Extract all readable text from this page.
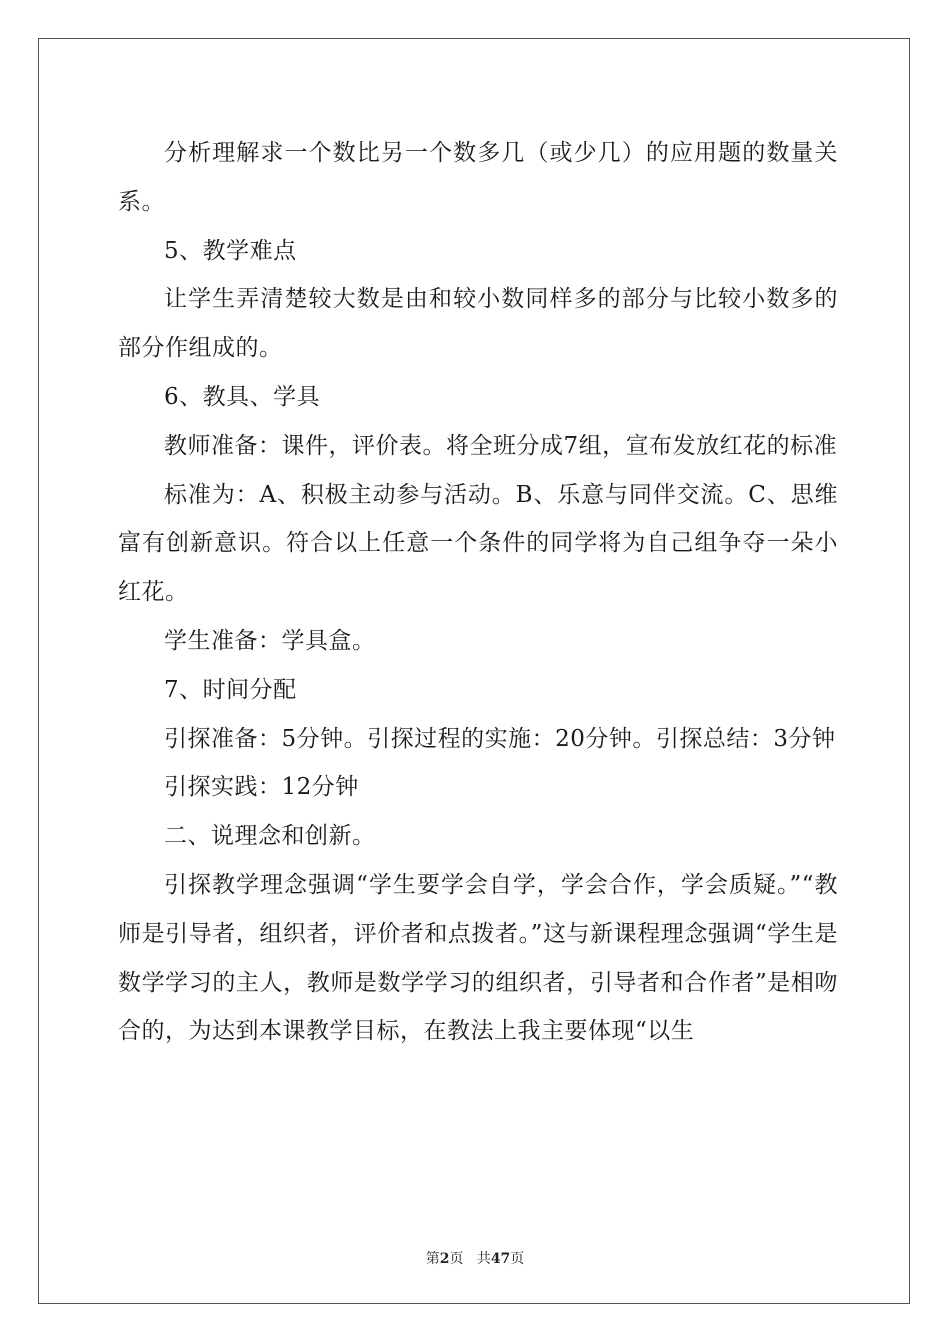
分析理解求一个数比另一个数多几（或少几）的应用题的数量关系。

5、教学难点

让学生弄清楚较大数是由和较小数同样多的部分与比较小数多的部分作组成的。

6、教具、学具

教师准备：课件，评价表。将全班分成7组，宣布发放红花的标准

标准为：A、积极主动参与活动。B、乐意与同伴交流。C、思维富有创新意识。符合以上任意一个条件的同学将为自己组争夺一朵小红花。

学生准备：学具盒。

7、时间分配

引探准备：5分钟。引探过程的实施：20分钟。引探总结：3分钟

引探实践：12分钟

二、说理念和创新。

引探教学理念强调“学生要学会自学，学会合作，学会质疑。”“教师是引导者，组织者，评价者和点拨者。”这与新课程理念强调“学生是数学学习的主人，教师是数学学习的组织者，引导者和合作者”是相吻合的，为达到本课教学目标，在教法上我主要体现“以生

第2页 共47页
